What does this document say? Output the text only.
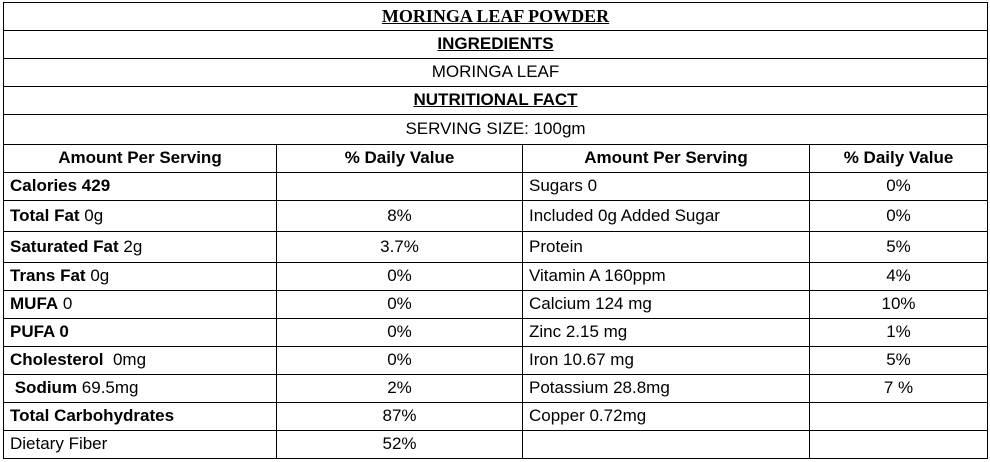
MORINGA LEAF POWDER			
INGREDIENTS			
MORINGA LEAF			
NUTRITIONAL FACT			
SERVING SIZE: 100gm			
Amount Per Serving	% Daily Value	Amount Per Serving	% Daily Value
Calories 429		Sugars 0	0%
Total Fat 0g	8%	Included 0g Added Sugar	0%
Saturated Fat 2g	3.7%	Protein	5%
Trans Fat 0g	0%	Vitamin A 160ppm	4%
MUFA 0	0%	Calcium 124 mg	10%
PUFA 0	0%	Zinc 2.15 mg	1%
Cholesterol  0mg	0%	Iron 10.67 mg	5%
Sodium 69.5mg	2%	Potassium 28.8mg	7 %
Total Carbohydrates	87%	Copper 0.72mg	
Dietary Fiber	52%		
